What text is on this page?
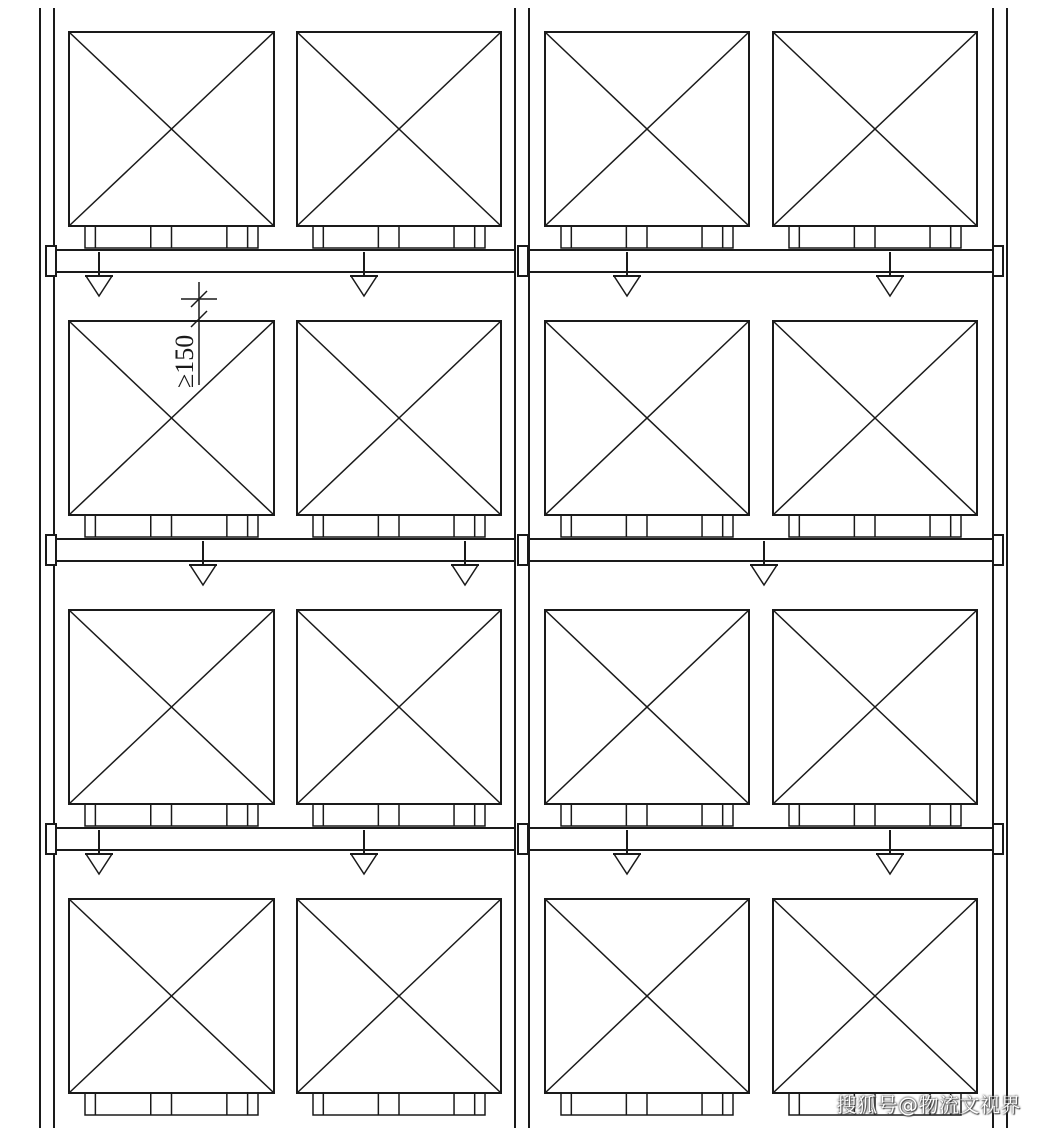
≥150
搜狐号@物流文视界
